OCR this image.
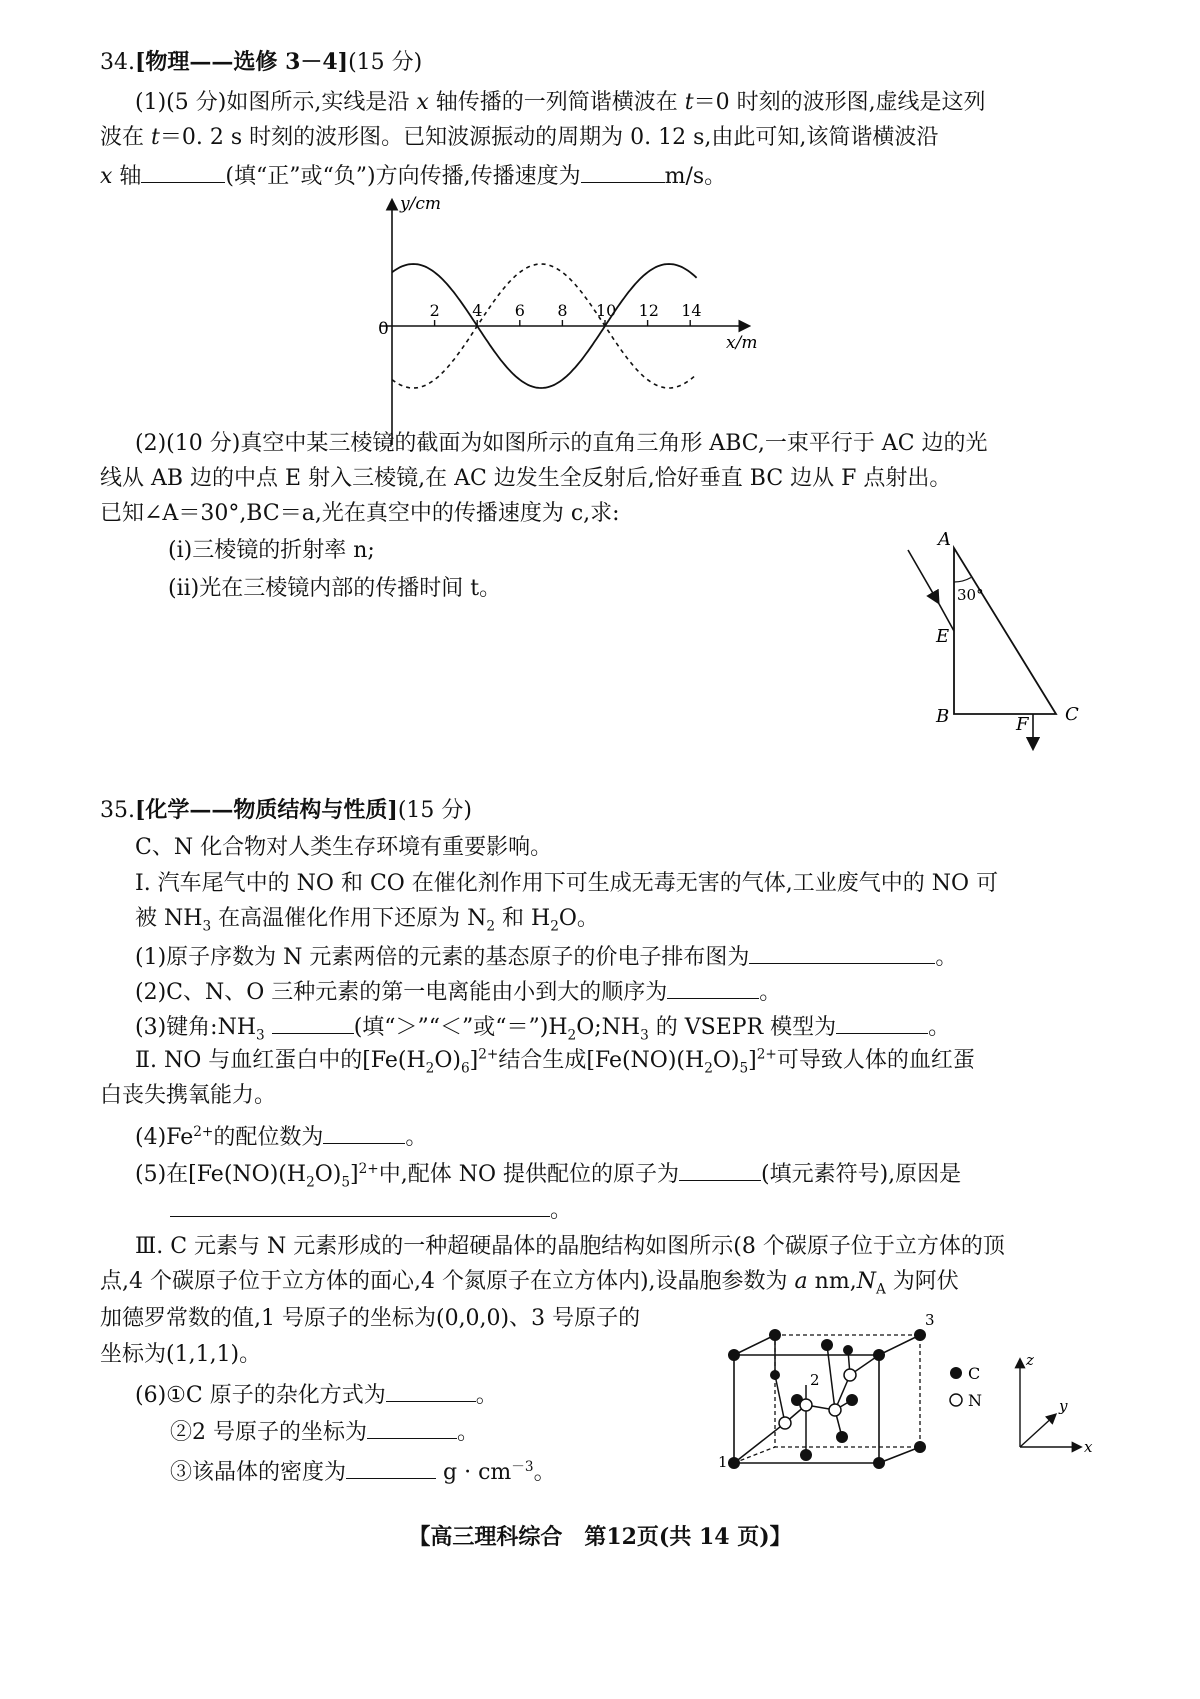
34.[物理——选修 3－4](15 分)
(1)(5 分)如图所示,实线是沿 x 轴传播的一列简谐横波在 t＝0 时刻的波形图,虚线是这列
波在 t＝0. 2 s 时刻的波形图。已知波源振动的周期为 0. 12 s,由此可知,该简谐横波沿
x 轴	(填“正”或“负”)方向传播,传播速度为	m/s。
y/cm
x/m
0
2 4 6 8 10 12 14
(2)(10 分)真空中某三棱镜的截面为如图所示的直角三角形 ABC,一束平行于 AC 边的光
线从 AB 边的中点 E 射入三棱镜,在 AC 边发生全反射后,恰好垂直 BC 边从 F 点射出。
已知∠A＝30°,BC＝a,光在真空中的传播速度为 c,求:
(ⅰ)三棱镜的折射率 n;
(ⅱ)光在三棱镜内部的传播时间 t。	30°
A
E
B	F C
35.[化学——物质结构与性质](15 分)
C、N 化合物对人类生存环境有重要影响。
Ⅰ. 汽车尾气中的 NO 和 CO 在催化剂作用下可生成无毒无害的气体,工业废气中的 NO 可
被 $NH_3$ 在高温催化作用下还原为 $N_2$ 和 $H_2O$。
(1)原子序数为 N 元素两倍的元素的基态原子的价电子排布图为	。
(2)C、N、O 三种元素的第一电离能由小到大的顺序为	。
(3)键角$:NH_3$	(填“＞”“＜”或“$=”)H_2O;NH_3$ 的 VSEPR 模型为	。
Ⅱ. NO 与血红蛋白中的$[Fe(H_2O)_6]^{2+}$结合生成$[Fe(NO)(H_2O)_5]^{2+}$可导致人体的血红蛋
白丧失携氧能力。
$(4)Fe^{2+}$的配位数为	。
(5)在$[Fe(NO)(H_2O)_5]^{2+}$中,配体 NO 提供配位的原子为	(填元素符号),原因是
。
Ⅲ. C 元素与 N 元素形成的一种超硬晶体的晶胞结构如图所示(8 个碳原子位于立方体的顶
点,4 个碳原子位于立方体的面心,4 个氮原子在立方体内),设晶胞参数为 a $nm,N_A$ 为阿伏
加德罗常数的值,1 号原子的坐标为(0,0,0)、3 号原子的
坐标为(1,1,1)。
(6)①C 原子的杂化方式为	。
②2 号原子的坐标为	。
③该晶体的密度为	$g \cdot cm^{-3}$。	1
2
3
C
N
z
y
x
【高三理科综合　第12页(共 14 页)】
